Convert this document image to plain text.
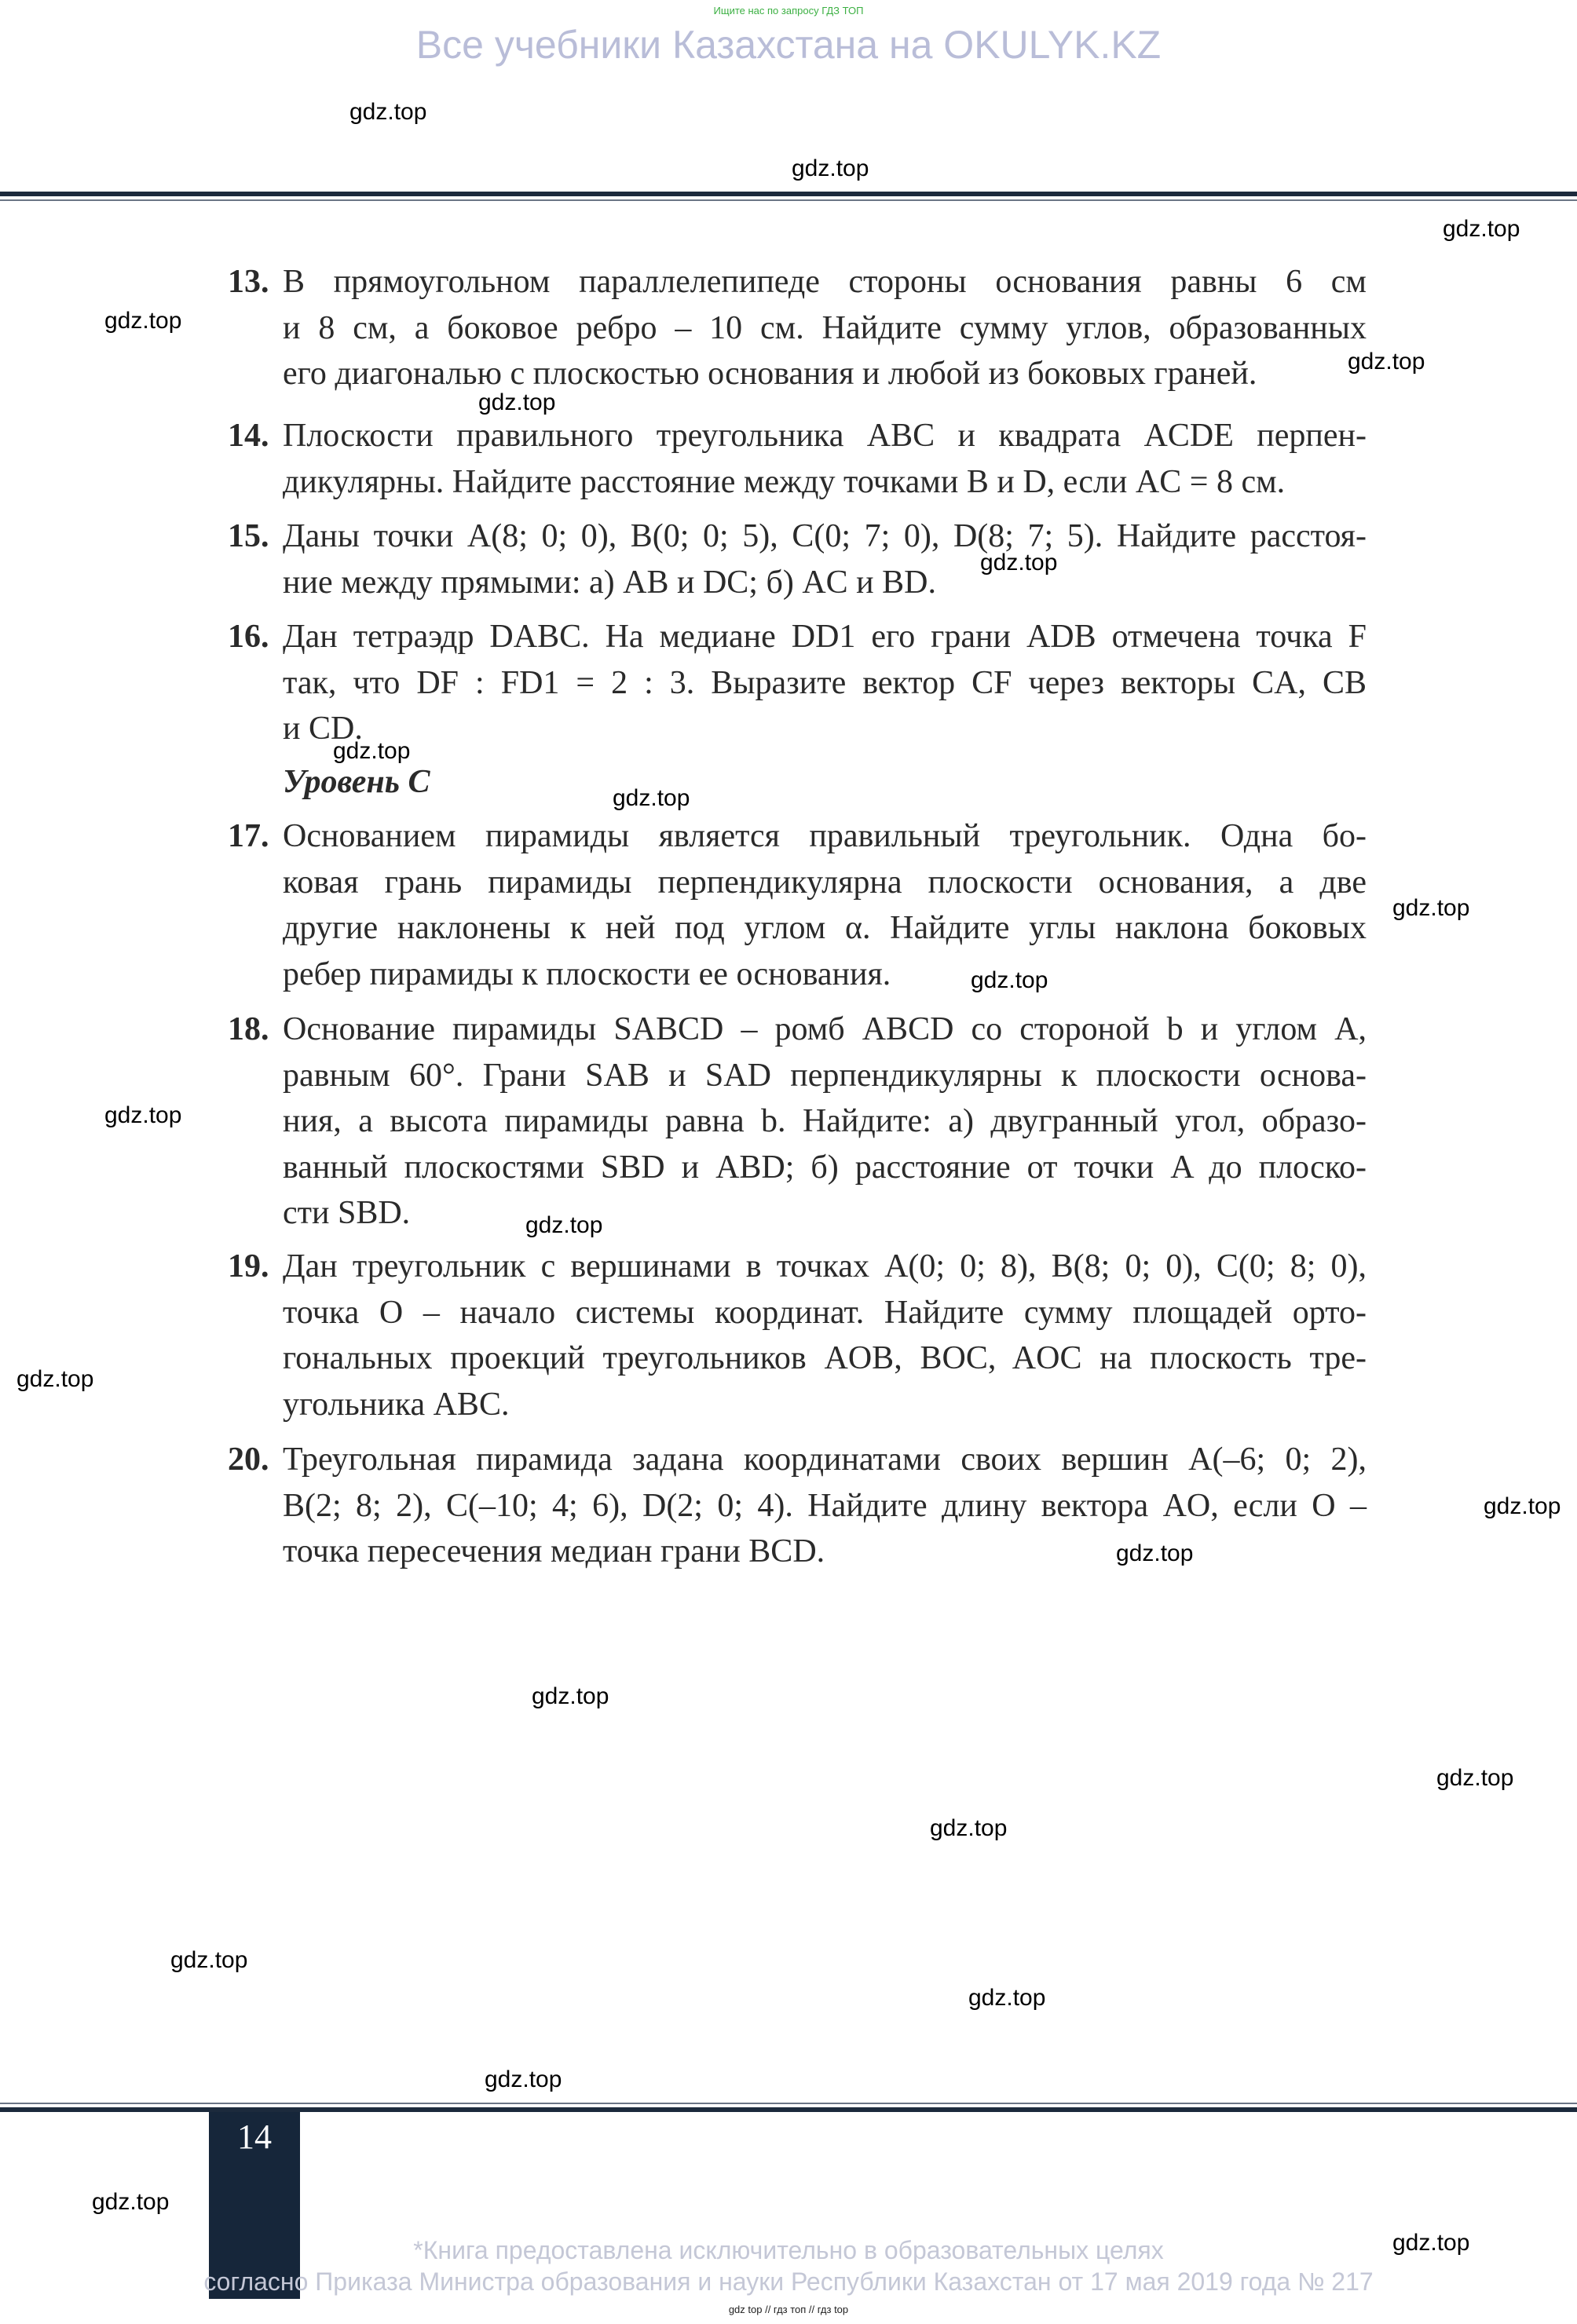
Ищите нас по запросу ГДЗ ТОП
Все учебники Казахстана на OKULYK.KZ
13. В прямоугольном параллелепипеде стороны основания равны 6 см
и 8 см, а боковое ребро – 10 см. Найдите сумму углов, образованных
его диагональю с плоскостью основания и любой из боковых граней.
14. Плоскости правильного треугольника ABC и квадрата ACDE перпен-
дикулярны. Найдите расстояние между точками B и D, если AC = 8 см.
15. Даны точки A(8; 0; 0), B(0; 0; 5), C(0; 7; 0), D(8; 7; 5). Найдите расстоя-
ние между прямыми: а) AB и DC; б) AC и BD.
16. Дан тетраэдр DABC. На медиане DD1 его грани ADB отмечена точка F
так, что DF : FD1 = 2 : 3. Выразите вектор CF через векторы CA, CB
и CD.
Уровень С
17. Основанием пирамиды является правильный треугольник. Одна бо-
ковая грань пирамиды перпендикулярна плоскости основания, а две
другие наклонены к ней под углом α. Найдите углы наклона боковых
ребер пирамиды к плоскости ее основания.
18. Основание пирамиды SABCD – ромб ABCD со стороной b и углом A,
равным 60°. Грани SAB и SAD перпендикулярны к плоскости основа-
ния, а высота пирамиды равна b. Найдите: а) двугранный угол, образо-
ванный плоскостями SBD и ABD; б) расстояние от точки A до плоско-
сти SBD.
19. Дан треугольник с вершинами в точках A(0; 0; 8), B(8; 0; 0), C(0; 8; 0),
точка O – начало системы координат. Найдите сумму площадей орто-
гональных проекций треугольников AOB, BOC, AOC на плоскость тре-
угольника ABC.
20. Треугольная пирамида задана координатами своих вершин A(–6; 0; 2),
B(2; 8; 2), C(–10; 4; 6), D(2; 0; 4). Найдите длину вектора AO, если O –
точка пересечения медиан грани BCD.
gdz.top
gdz.top
gdz.top
gdz.top
gdz.top
gdz.top
gdz.top
gdz.top
gdz.top
gdz.top
gdz.top
gdz.top
gdz.top
gdz.top
gdz.top
gdz.top
gdz.top
gdz.top
gdz.top
gdz.top
gdz.top
gdz.top
gdz.top
gdz.top
14
*Книга предоставлена исключительно в образовательных целях
согласно Приказа Министра образования и науки Республики Казахстан от 17 мая 2019 года № 217
gdz top // гдз топ // гдз top
